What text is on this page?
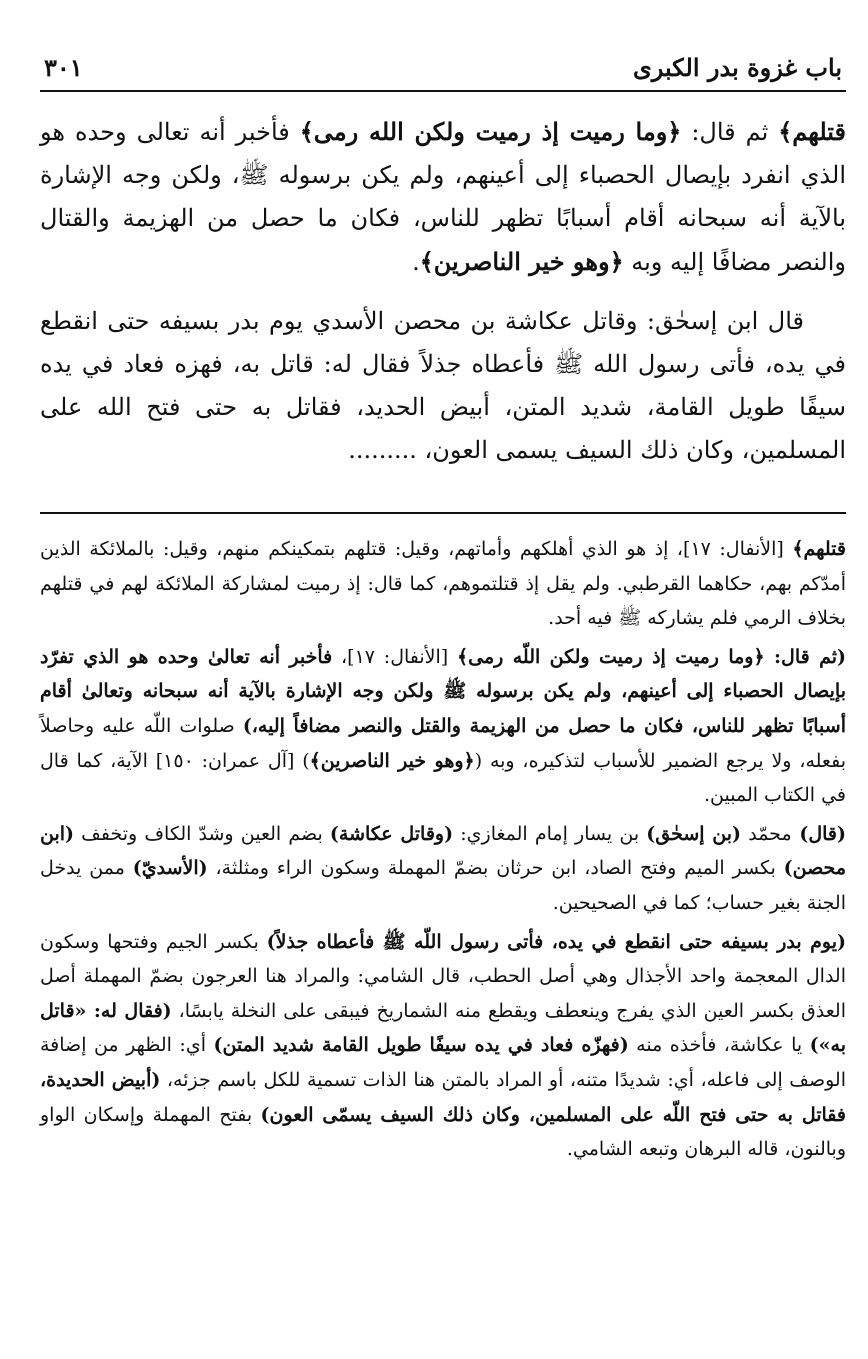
باب غزوة بدر الكبرى
٣٠١

قتلهم﴾ ثم قال: ﴿وما رميت إذ رميت ولكن الله رمى﴾ فأخبر أنه تعالى وحده هو الذي انفرد بإيصال الحصباء إلى أعينهم، ولم يكن برسوله ﷺ، ولكن وجه الإشارة بالآية أنه سبحانه أقام أسبابًا تظهر للناس، فكان ما حصل من الهزيمة والقتال والنصر مضافًا إليه وبه ﴿وهو خير الناصرين﴾.

قال ابن إسحٰق: وقاتل عكاشة بن محصن الأسدي يوم بدر بسيفه حتى انقطع في يده، فأتى رسول الله ﷺ فأعطاه جذلاً فقال له: قاتل به، فهزه فعاد في يده سيفًا طويل القامة، شديد المتن، أبيض الحديد، فقاتل به حتى فتح الله على المسلمين، وكان ذلك السيف يسمى العون، .........

قتلهم﴾ [الأنفال: ١٧]، إذ هو الذي أهلكهم وأماتهم، وقيل: قتلهم بتمكينكم منهم، وقيل: بالملائكة الذين أمدّكم بهم، حكاهما القرطبي. ولم يقل إذ قتلتموهم، كما قال: إذ رميت لمشاركة الملائكة لهم في قتلهم بخلاف الرمي فلم يشاركه ﷺ فيه أحد.

(ثم قال: ﴿وما رميت إذ رميت ولكن اللّه رمى﴾ [الأنفال: ١٧]، فأخبر أنه تعالىٰ وحده هو الذي تفرّد بإيصال الحصباء إلى أعينهم، ولم يكن برسوله ﷺ ولكن وجه الإشارة بالآية أنه سبحانه وتعالىٰ أقام أسبابًا تظهر للناس، فكان ما حصل من الهزيمة والقتل والنصر مضافاً إليه،) صلوات اللّه عليه وحاصلاً بفعله، ولا يرجع الضمير للأسباب لتذكيره، وبه (﴿وهو خير الناصرين﴾) [آل عمران: ١٥٠] الآية، كما قال في الكتاب المبين.

(قال) محمّد (بن إسحٰق) بن يسار إمام المغازي: (وقاتل عكاشة) بضم العين وشدّ الكاف وتخفف (ابن محصن) بكسر الميم وفتح الصاد، ابن حرثان بضمّ المهملة وسكون الراء ومثلثة، (الأسديّ) ممن يدخل الجنة بغير حساب؛ كما في الصحيحين.

(يوم بدر بسيفه حتى انقطع في يده، فأتى رسول اللّه ﷺ فأعطاه جذلاً) بكسر الجيم وفتحها وسكون الدال المعجمة واحد الأجذال وهي أصل الحطب، قال الشامي: والمراد هنا العرجون بضمّ المهملة أصل العذق بكسر العين الذي يفرج وينعطف ويقطع منه الشماريخ فيبقى على النخلة يابسًا، (فقال له: «قاتل به») يا عكاشة، فأخذه منه (فهزّه فعاد في يده سيفًا طويل القامة شديد المتن) أي: الظهر من إضافة الوصف إلى فاعله، أي: شديدًا متنه، أو المراد بالمتن هنا الذات تسمية للكل باسم جزئه، (أبيض الحديدة، فقاتل به حتى فتح اللّه على المسلمين، وكان ذلك السيف يسمّى العون) بفتح المهملة وإسكان الواو وبالنون، قاله البرهان وتبعه الشامي.
